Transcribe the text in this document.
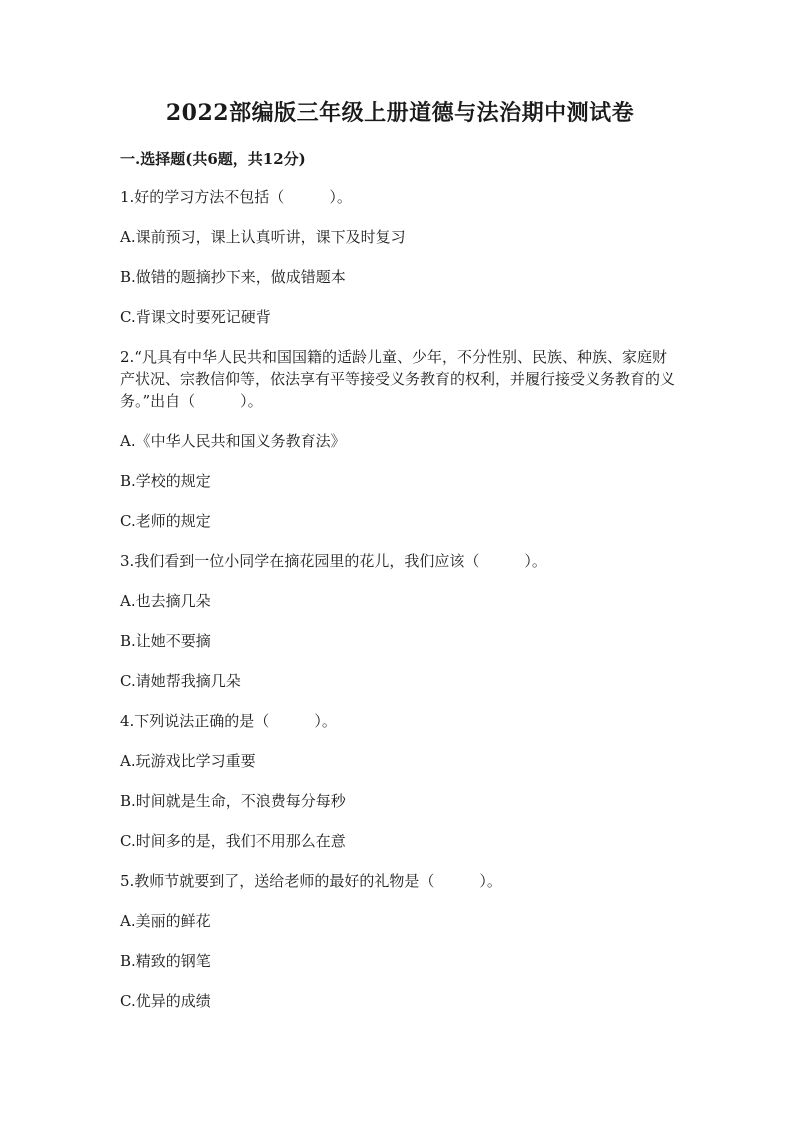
2022部编版三年级上册道德与法治期中测试卷
一.选择题(共6题，共12分)
1.好的学习方法不包括（　　　）。
A.课前预习，课上认真听讲，课下及时复习
B.做错的题摘抄下来，做成错题本
C.背课文时要死记硬背
2.“凡具有中华人民共和国国籍的适龄儿童、少年，不分性别、民族、种族、家庭财产状况、宗教信仰等，依法享有平等接受义务教育的权利，并履行接受义务教育的义务。”出自（　　　）。
A.《中华人民共和国义务教育法》
B.学校的规定
C.老师的规定
3.我们看到一位小同学在摘花园里的花儿，我们应该（　　　）。
A.也去摘几朵
B.让她不要摘
C.请她帮我摘几朵
4.下列说法正确的是（　　　）。
A.玩游戏比学习重要
B.时间就是生命，不浪费每分每秒
C.时间多的是，我们不用那么在意
5.教师节就要到了，送给老师的最好的礼物是（　　　）。
A.美丽的鲜花
B.精致的钢笔
C.优异的成绩
